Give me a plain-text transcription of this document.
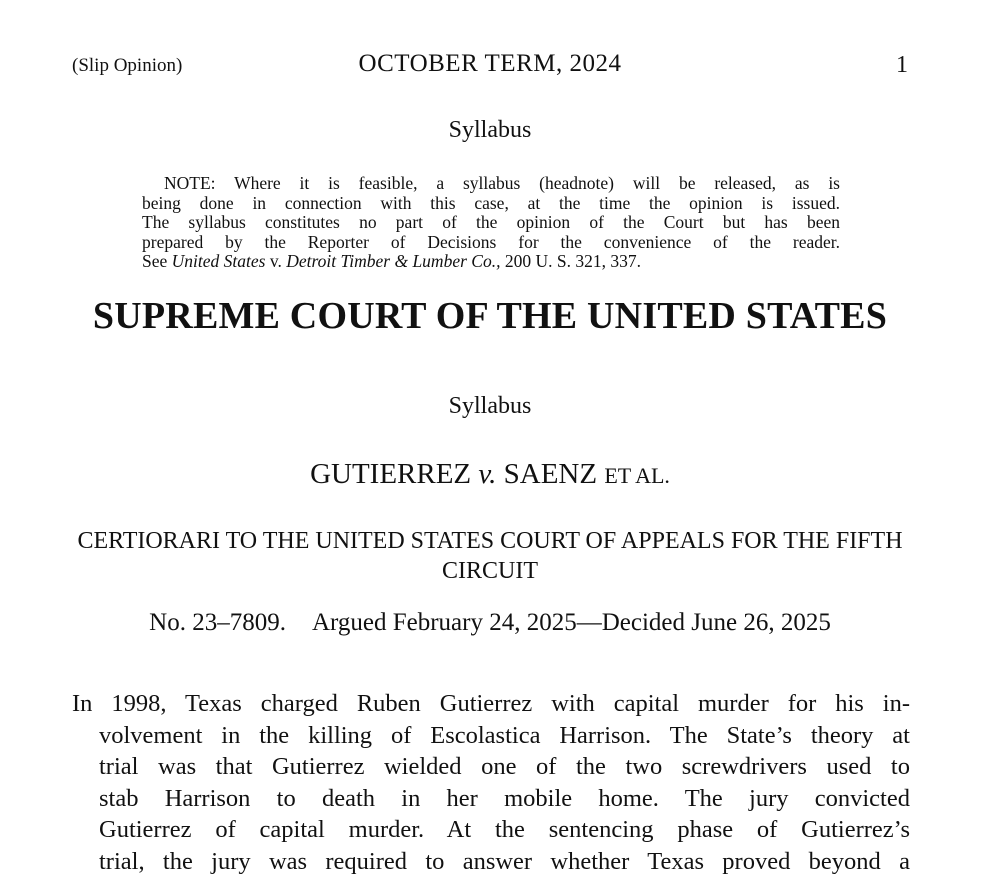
(Slip Opinion)	OCTOBER TERM, 2024	1
Syllabus
NOTE: Where it is feasible, a syllabus (headnote) will be released, as is
being done in connection with this case, at the time the opinion is issued.
The syllabus constitutes no part of the opinion of the Court but has been
prepared by the Reporter of Decisions for the convenience of the reader.
See United States v. Detroit Timber & Lumber Co., 200 U. S. 321, 337.
SUPREME COURT OF THE UNITED STATES
Syllabus
GUTIERREZ v. SAENZ ET AL.
CERTIORARI TO THE UNITED STATES COURT OF APPEALS FOR THE FIFTH CIRCUIT
No. 23–7809. Argued February 24, 2025—Decided June 26, 2025
In 1998, Texas charged Ruben Gutierrez with capital murder for his in-
volvement in the killing of Escolastica Harrison. The State’s theory at
trial was that Gutierrez wielded one of the two screwdrivers used to
stab Harrison to death in her mobile home. The jury convicted
Gutierrez of capital murder. At the sentencing phase of Gutierrez’s
trial, the jury was required to answer whether Texas proved beyond a
